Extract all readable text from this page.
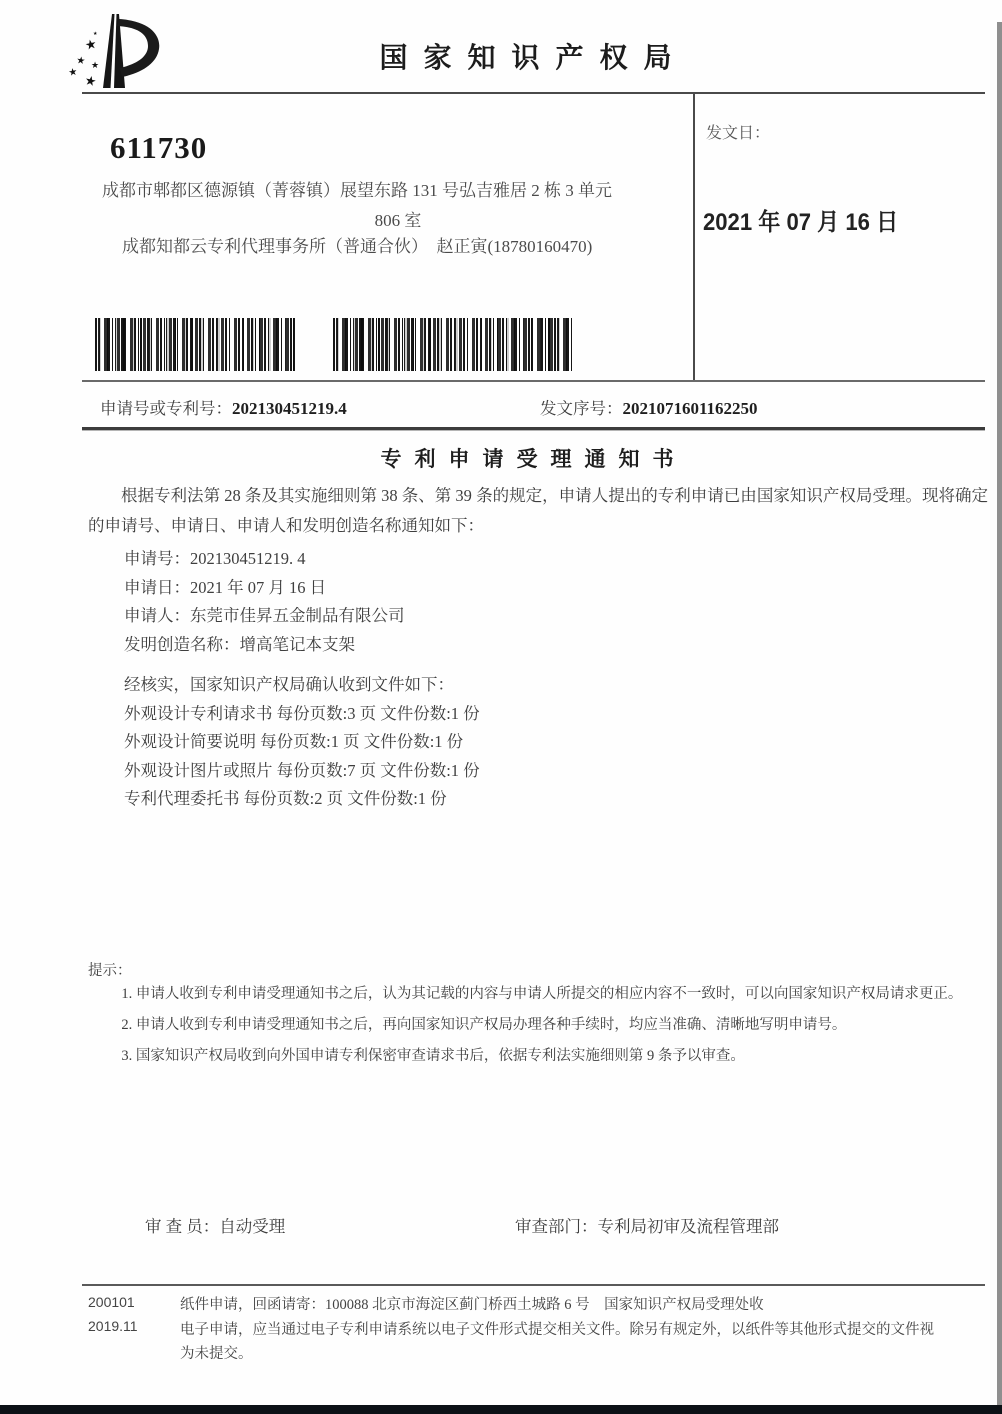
★
★ ★
★ ★
★
国家知识产权局
发文日：
2021 年 07 月 16 日
611730
成都市郫都区德源镇（菁蓉镇）展望东路 131 号弘吉雅居 2 栋 3 单元
806 室
成都知都云专利代理事务所（普通合伙）　赵正寅(18780160470)
申请号或专利号：202130451219.4	发文序号：2021071601162250
专利申请受理通知书
根据专利法第 28 条及其实施细则第 38 条、第 39 条的规定，申请人提出的专利申请已由国家知识产权局受理。现将确定的申请号、申请日、申请人和发明创造名称通知如下：
申请号：202130451219. 4
申请日：2021 年 07 月 16 日
申请人：东莞市佳昇五金制品有限公司
发明创造名称：增高笔记本支架
经核实，国家知识产权局确认收到文件如下：
外观设计专利请求书 每份页数:3 页 文件份数:1 份
外观设计简要说明 每份页数:1 页 文件份数:1 份
外观设计图片或照片 每份页数:7 页 文件份数:1 份
专利代理委托书 每份页数:2 页 文件份数:1 份
提示：

1. 申请人收到专利申请受理通知书之后，认为其记载的内容与申请人所提交的相应内容不一致时，可以向国家知识产权局请求更正。

2. 申请人收到专利申请受理通知书之后，再向国家知识产权局办理各种手续时，均应当准确、清晰地写明申请号。

3. 国家知识产权局收到向外国申请专利保密审查请求书后，依据专利法实施细则第 9 条予以审查。

审 查 员：自动受理	审查部门：专利局初审及流程管理部
200101
2019.11

纸件申请，回函请寄：100088 北京市海淀区蓟门桥西土城路 6 号　国家知识产权局受理处收

电子申请，应当通过电子专利申请系统以电子文件形式提交相关文件。除另有规定外，以纸件等其他形式提交的文件视为未提交。
